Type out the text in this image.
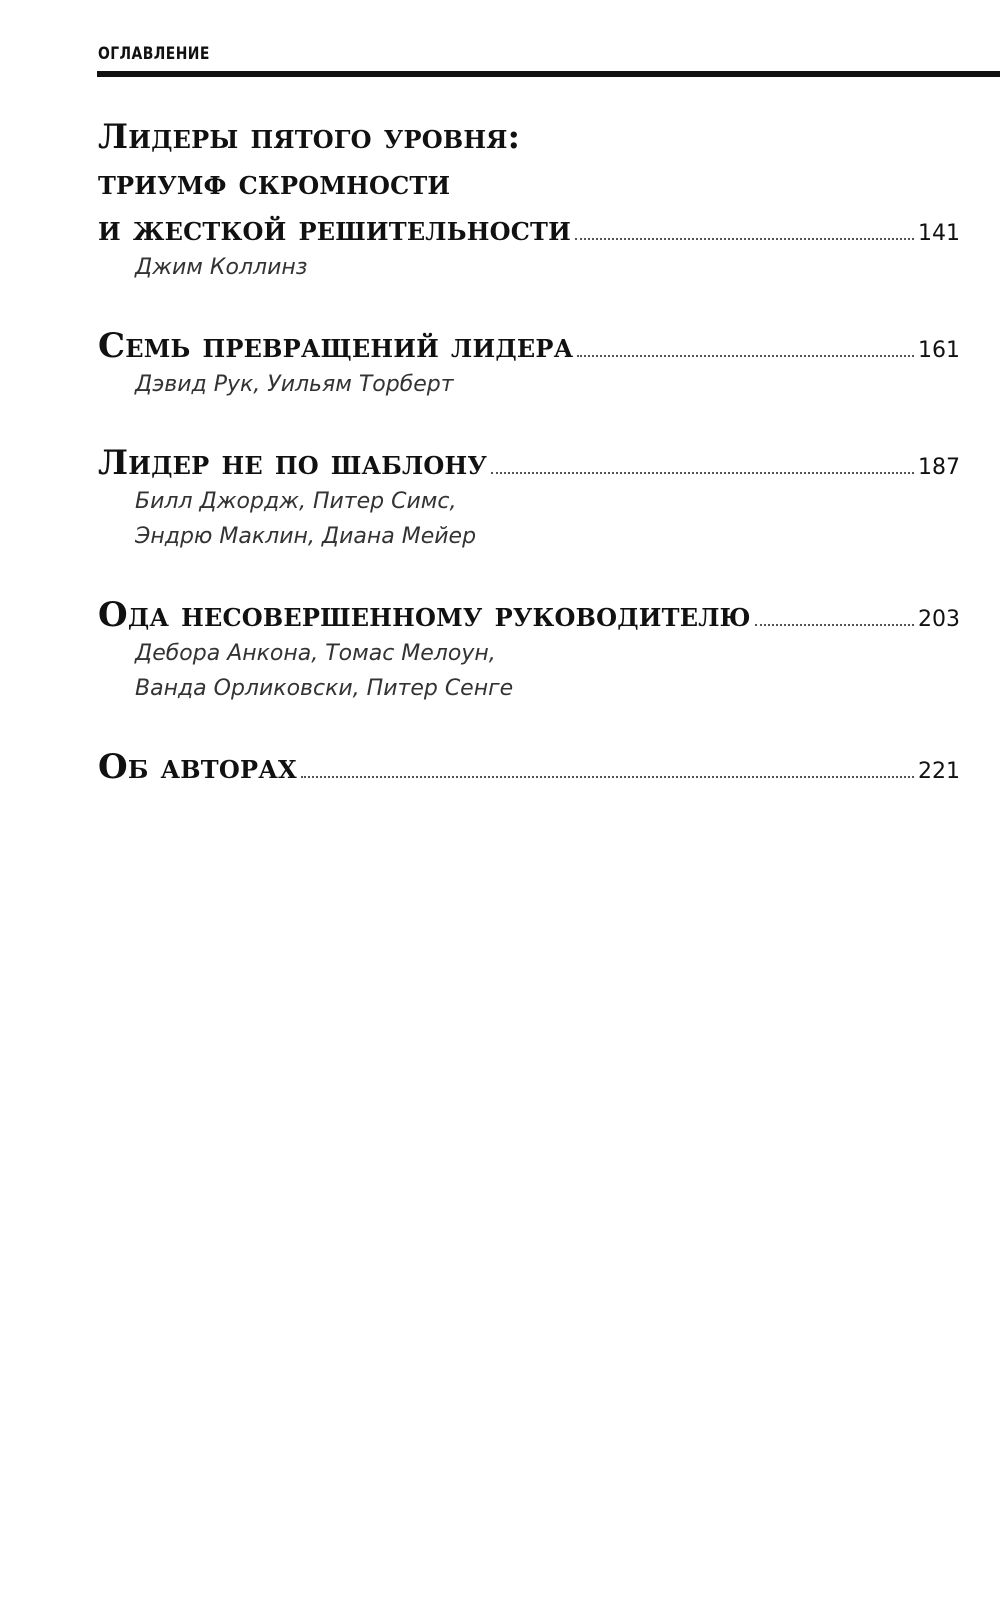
ОГЛАВЛЕНИЕ
Лидеры пятого уровня:
триумф скромности
и жесткой решительности	141
Джим Коллинз
Семь превращений лидера	161
Дэвид Рук, Уильям Торберт
Лидер не по шаблону	187
Билл Джордж, Питер Симс,
Эндрю Маклин, Диана Мейер
Ода несовершенному руководителю	203
Дебора Анкона, Томас Мелоун,
Ванда Орликовски, Питер Сенге
Об авторах	221
